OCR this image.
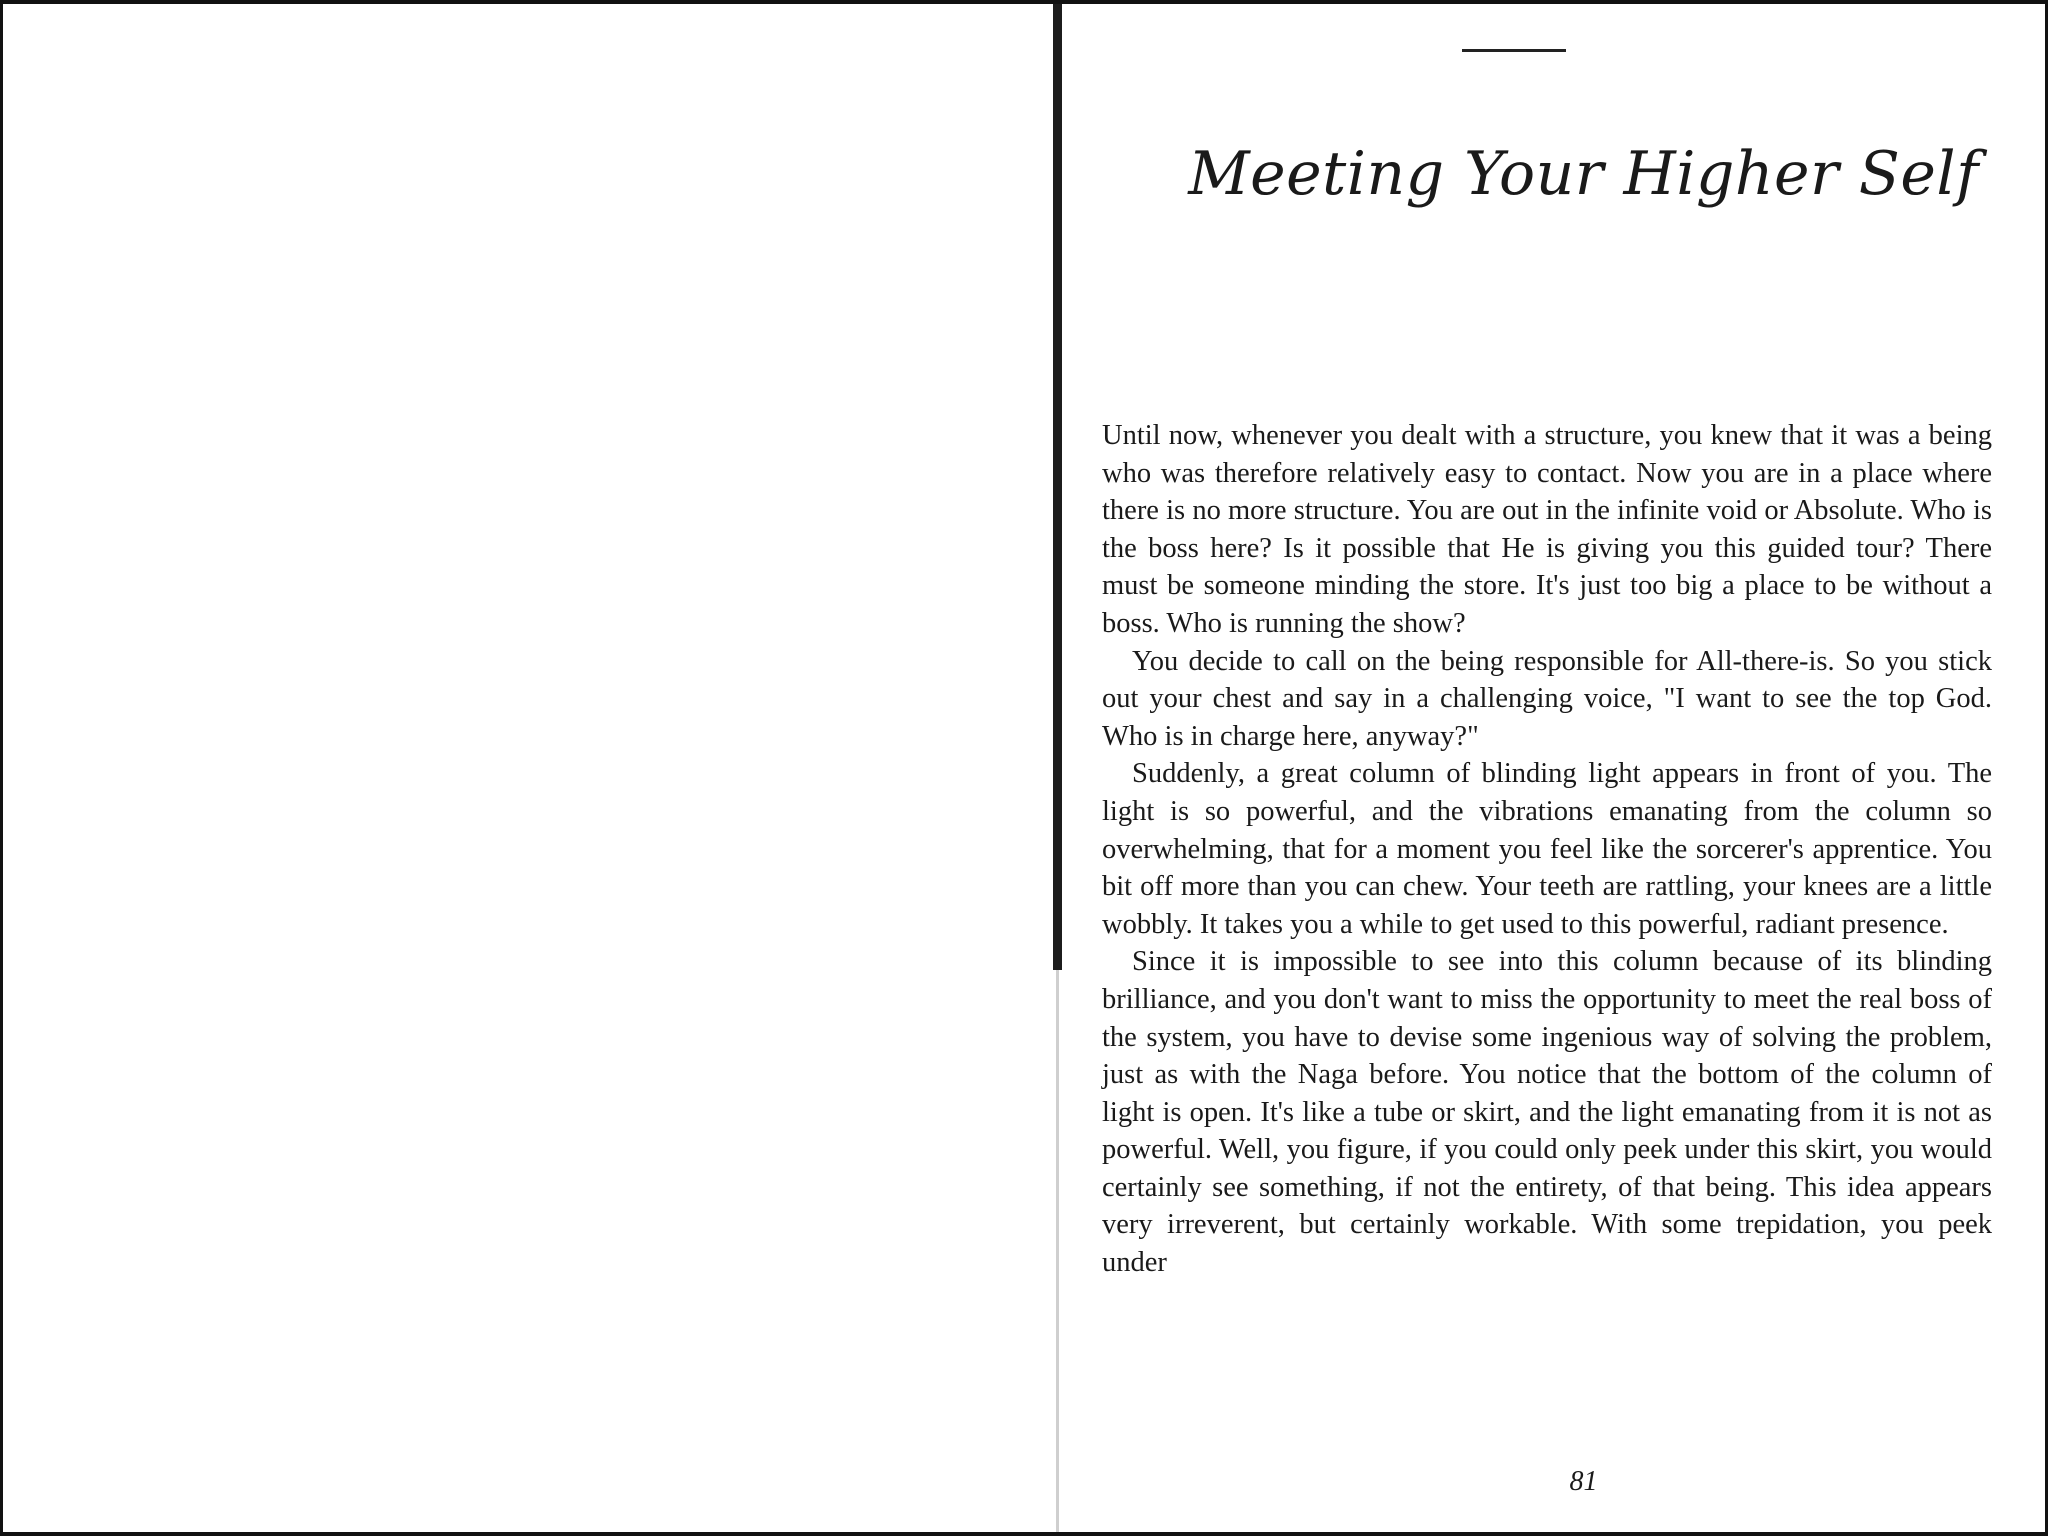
Meeting Your Higher Self

Until now, whenever you dealt with a structure, you knew that it was a being who was therefore relatively easy to contact. Now you are in a place where there is no more structure. You are out in the infinite void or Absolute. Who is the boss here? Is it possible that He is giving you this guided tour? There must be someone minding the store. It's just too big a place to be without a boss. Who is running the show?

You decide to call on the being responsible for All-there-is. So you stick out your chest and say in a challenging voice, "I want to see the top God. Who is in charge here, anyway?"

Suddenly, a great column of blinding light appears in front of you. The light is so powerful, and the vibrations emanating from the column so overwhelming, that for a moment you feel like the sorcerer's apprentice. You bit off more than you can chew. Your teeth are rattling, your knees are a little wobbly. It takes you a while to get used to this powerful, radiant presence.

Since it is impossible to see into this column because of its blinding brilliance, and you don't want to miss the opportunity to meet the real boss of the system, you have to devise some ingenious way of solving the problem, just as with the Naga before. You notice that the bottom of the column of light is open. It's like a tube or skirt, and the light emanating from it is not as powerful. Well, you figure, if you could only peek under this skirt, you would certainly see something, if not the entirety, of that being. This idea appears very irreverent, but certainly workable. With some trepidation, you peek under

81
